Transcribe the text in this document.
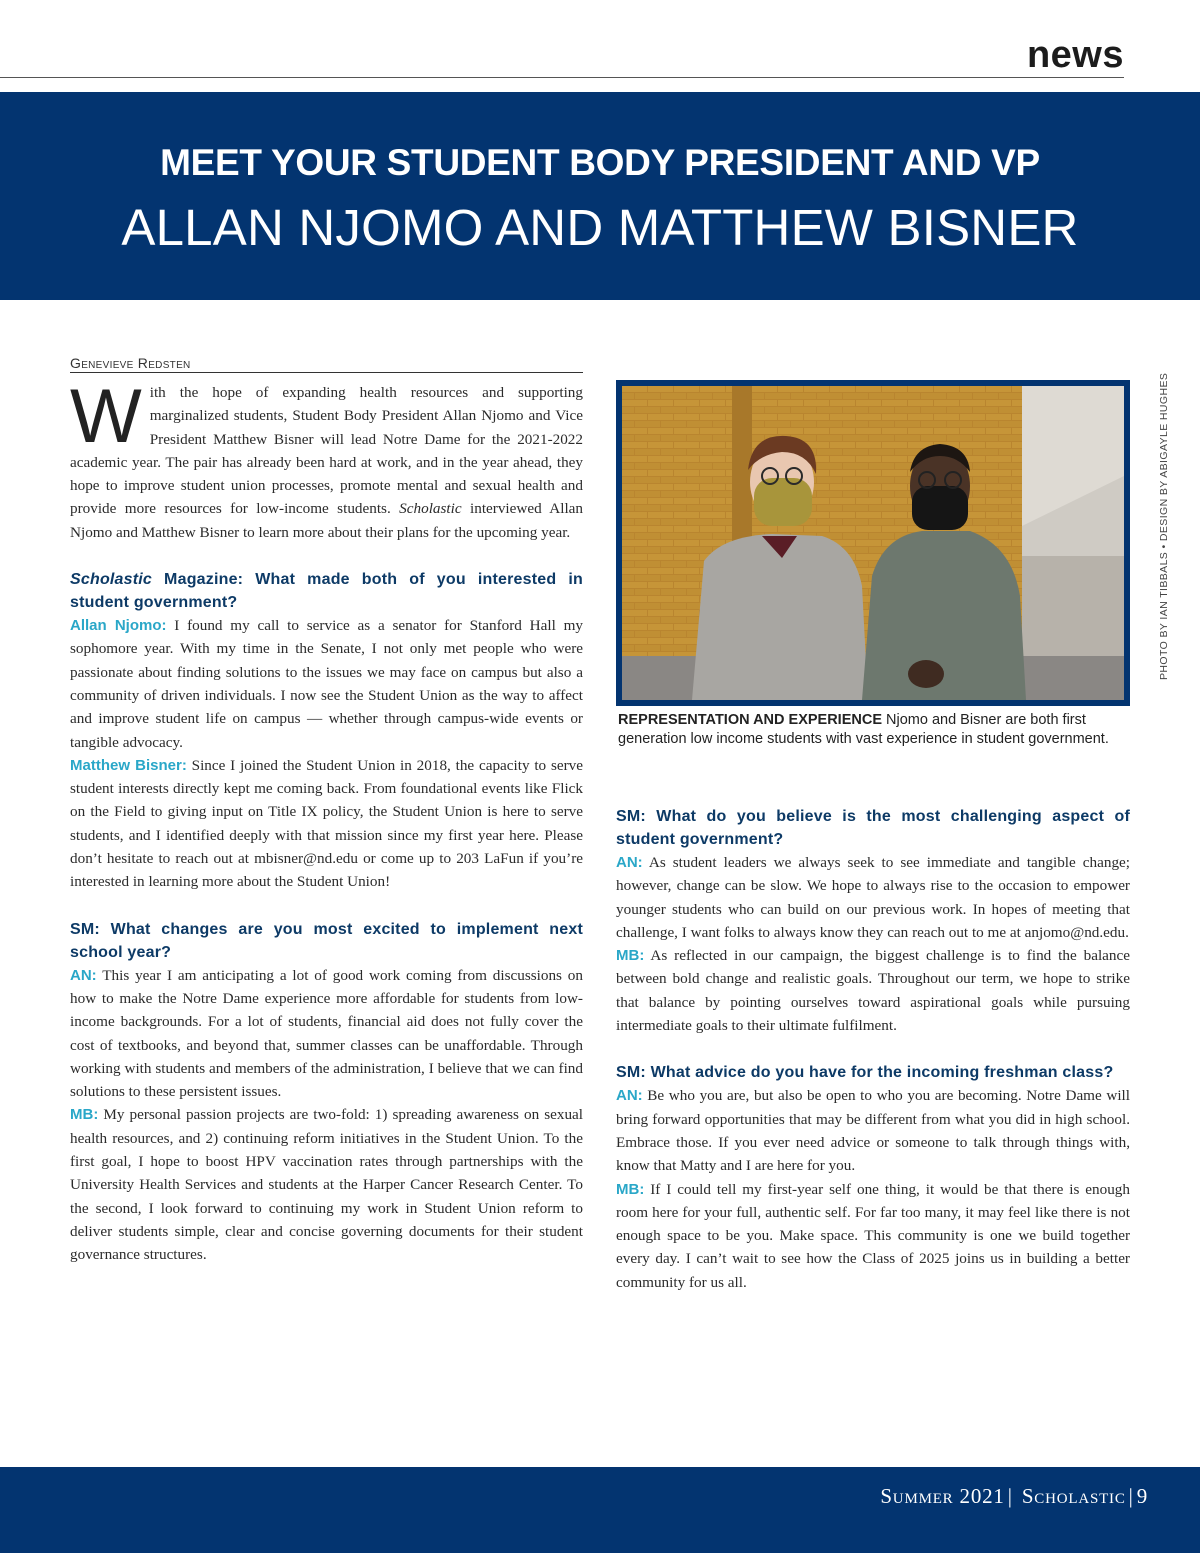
news
MEET YOUR STUDENT BODY PRESIDENT AND VP
ALLAN NJOMO AND MATTHEW BISNER
Genevieve Redsten

With the hope of expanding health resources and supporting marginalized students, Student Body President Allan Njomo and Vice President Matthew Bisner will lead Notre Dame for the 2021-2022 academic year. The pair has already been hard at work, and in the year ahead, they hope to improve student union processes, promote mental and sexual health and provide more resources for low-income students. Scholastic interviewed Allan Njomo and Matthew Bisner to learn more about their plans for the upcoming year.

Scholastic Magazine: What made both of you interested in student government?

Allan Njomo: I found my call to service as a senator for Stanford Hall my sophomore year. With my time in the Senate, I not only met people who were passionate about finding solutions to the issues we may face on campus but also a community of driven individuals. I now see the Student Union as the way to affect and improve student life on campus — whether through campus-wide events or tangible advocacy.

Matthew Bisner: Since I joined the Student Union in 2018, the capacity to serve student interests directly kept me coming back. From foundational events like Flick on the Field to giving input on Title IX policy, the Student Union is here to serve students, and I identified deeply with that mission since my first year here. Please don’t hesitate to reach out at mbisner@nd.edu or come up to 203 LaFun if you’re interested in learning more about the Student Union!

SM: What changes are you most excited to implement next school year?

AN: This year I am anticipating a lot of good work coming from discussions on how to make the Notre Dame experience more affordable for students from low-income backgrounds. For a lot of students, financial aid does not fully cover the cost of textbooks, and beyond that, summer classes can be unaffordable. Through working with students and members of the administration, I believe that we can find solutions to these persistent issues.

MB: My personal passion projects are two-fold: 1) spreading awareness on sexual health resources, and 2) continuing reform initiatives in the Student Union. To the first goal, I hope to boost HPV vaccination rates through partnerships with the University Health Services and students at the Harper Cancer Research Center. To the second, I look forward to continuing my work in Student Union reform to deliver students simple, clear and concise governing documents for their student governance structures.

REPRESENTATION AND EXPERIENCE Njomo and Bisner are both first generation low income students with vast experience in student government.
PHOTO BY IAN TIBBALS • DESIGN BY ABIGAYLE HUGHES

SM: What do you believe is the most challenging aspect of student government?

AN: As student leaders we always seek to see immediate and tangible change; however, change can be slow. We hope to always rise to the occasion to empower younger students who can build on our previous work. In hopes of meeting that challenge, I want folks to always know they can reach out to me at anjomo@nd.edu.

MB: As reflected in our campaign, the biggest challenge is to find the balance between bold change and realistic goals. Throughout our term, we hope to strike that balance by pointing ourselves toward aspirational goals while pursuing intermediate goals to their ultimate fulfilment.

SM: What advice do you have for the incoming freshman class?

AN: Be who you are, but also be open to who you are becoming. Notre Dame will bring forward opportunities that may be different from what you did in high school. Embrace those. If you ever need advice or someone to talk through things with, know that Matty and I are here for you.

MB: If I could tell my first-year self one thing, it would be that there is enough room here for your full, authentic self. For far too many, it may feel like there is not enough space to be you. Make space. This community is one we build together every day. I can’t wait to see how the Class of 2025 joins us in building a better community for us all.

Summer 2021 | Scholastic | 9
